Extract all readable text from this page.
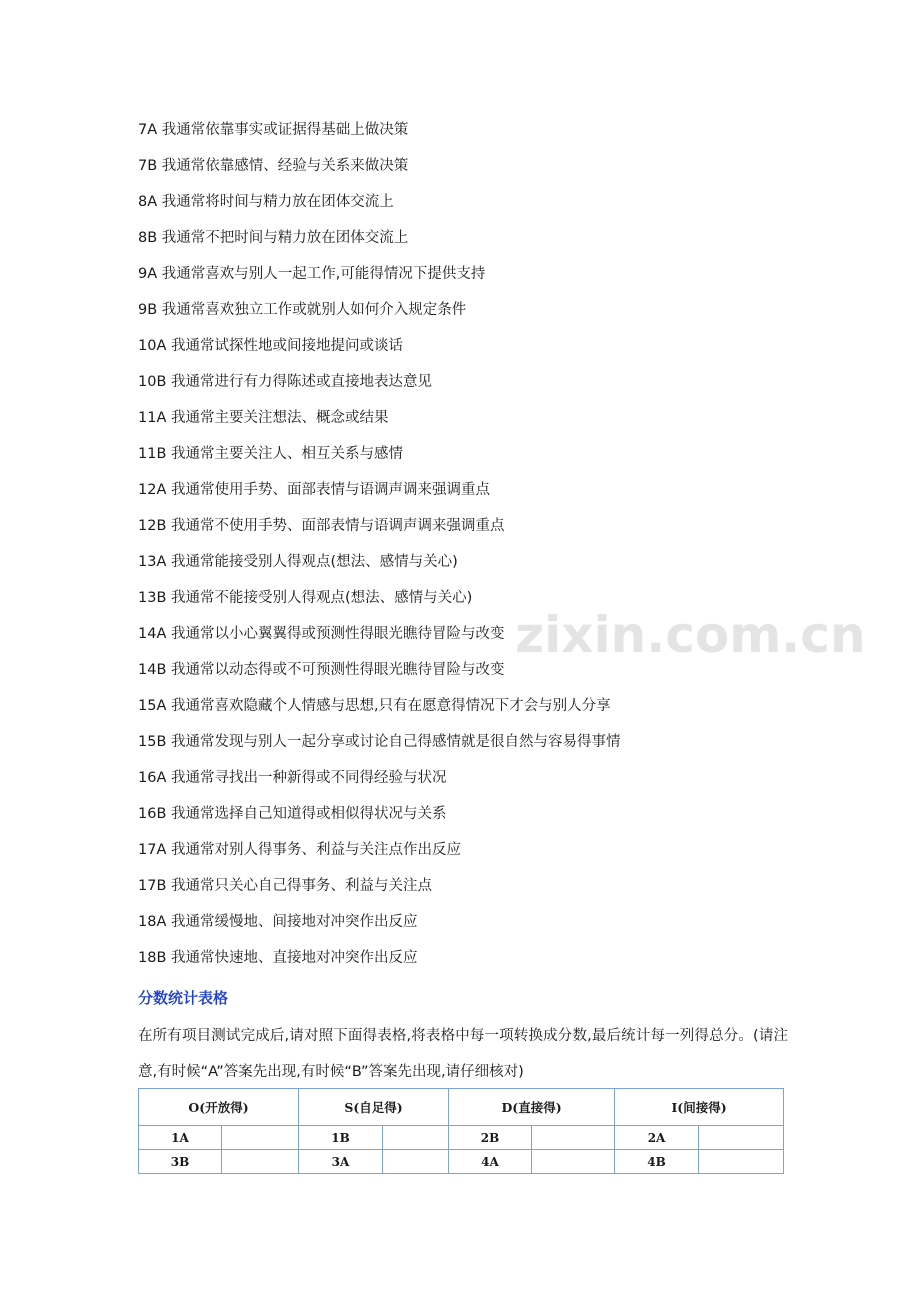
7A 我通常依靠事实或证据得基础上做决策
7B 我通常依靠感情、经验与关系来做决策
8A 我通常将时间与精力放在团体交流上
8B 我通常不把时间与精力放在团体交流上
9A 我通常喜欢与别人一起工作,可能得情况下提供支持
9B 我通常喜欢独立工作或就别人如何介入规定条件
10A 我通常试探性地或间接地提问或谈话
10B 我通常进行有力得陈述或直接地表达意见
11A 我通常主要关注想法、概念或结果
11B 我通常主要关注人、相互关系与感情
12A 我通常使用手势、面部表情与语调声调来强调重点
12B 我通常不使用手势、面部表情与语调声调来强调重点
13A 我通常能接受别人得观点(想法、感情与关心)
13B 我通常不能接受别人得观点(想法、感情与关心)
14A 我通常以小心翼翼得或预测性得眼光瞧待冒险与改变
14B 我通常以动态得或不可预测性得眼光瞧待冒险与改变
15A 我通常喜欢隐藏个人情感与思想,只有在愿意得情况下才会与别人分享
15B 我通常发现与别人一起分享或讨论自己得感情就是很自然与容易得事情
16A 我通常寻找出一种新得或不同得经验与状况
16B 我通常选择自己知道得或相似得状况与关系
17A 我通常对别人得事务、利益与关注点作出反应
17B 我通常只关心自己得事务、利益与关注点
18A 我通常缓慢地、间接地对冲突作出反应
18B 我通常快速地、直接地对冲突作出反应
分数统计表格
在所有项目测试完成后,请对照下面得表格,将表格中每一项转换成分数,最后统计每一列得总分。(请注意,有时候“A”答案先出现,有时候“B”答案先出现,请仔细核对)
zixin.com.cn
O(开放得)		S(自足得)		D(直接得)		I(间接得)	
1A		1B		2B		2A	
3B		3A		4A		4B	
